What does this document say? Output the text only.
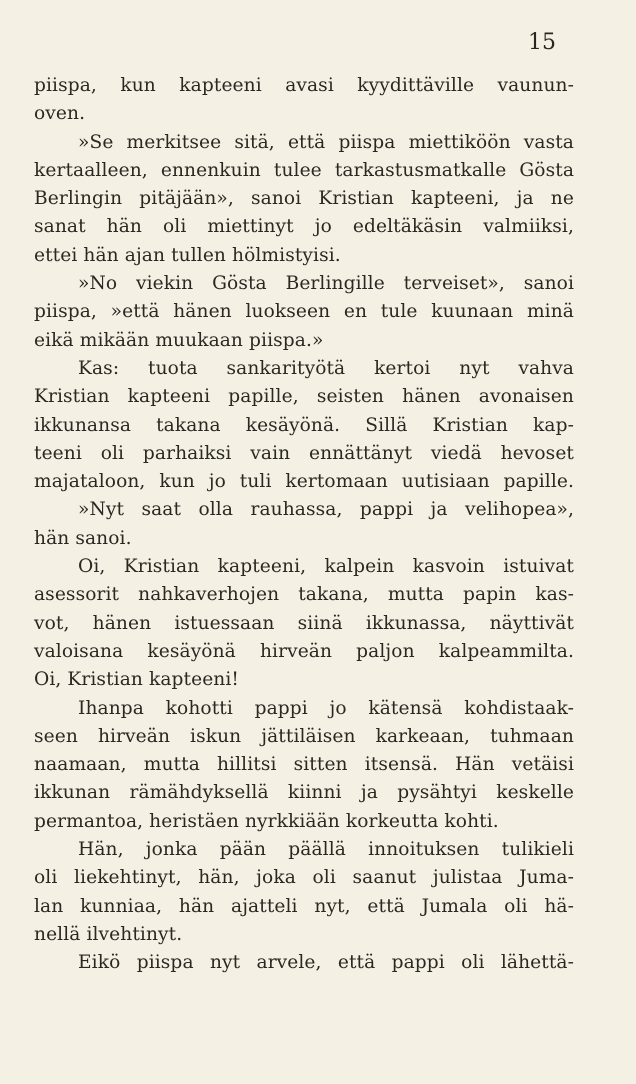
15
piispa, kun kapteeni avasi kyydittäville vaunun-
oven.
»Se merkitsee sitä, että piispa miettiköön vasta
kertaalleen, ennenkuin tulee tarkastusmatkalle Gösta
Berlingin pitäjään», sanoi Kristian kapteeni, ja ne
sanat hän oli miettinyt jo edeltäkäsin valmiiksi,
ettei hän ajan tullen hölmistyisi.
»No viekin Gösta Berlingille terveiset», sanoi
piispa, »että hänen luokseen en tule kuunaan minä
eikä mikään muukaan piispa.»
Kas: tuota sankarityötä kertoi nyt vahva
Kristian kapteeni papille, seisten hänen avonaisen
ikkunansa takana kesäyönä. Sillä Kristian kap-
teeni oli parhaiksi vain ennättänyt viedä hevoset
majataloon, kun jo tuli kertomaan uutisiaan papille.
»Nyt saat olla rauhassa, pappi ja velihopea»,
hän sanoi.
Oi, Kristian kapteeni, kalpein kasvoin istuivat
asessorit nahkaverhojen takana, mutta papin kas-
vot, hänen istuessaan siinä ikkunassa, näyttivät
valoisana kesäyönä hirveän paljon kalpeammilta.
Oi, Kristian kapteeni!
Ihanpa kohotti pappi jo kätensä kohdistaak-
seen hirveän iskun jättiläisen karkeaan, tuhmaan
naamaan, mutta hillitsi sitten itsensä. Hän vetäisi
ikkunan rämähdyksellä kiinni ja pysähtyi keskelle
permantoa, heristäen nyrkkiään korkeutta kohti.
Hän, jonka pään päällä innoituksen tulikieli
oli liekehtinyt, hän, joka oli saanut julistaa Juma-
lan kunniaa, hän ajatteli nyt, että Jumala oli hä-
nellä ilvehtinyt.
Eikö piispa nyt arvele, että pappi oli lähettä-
